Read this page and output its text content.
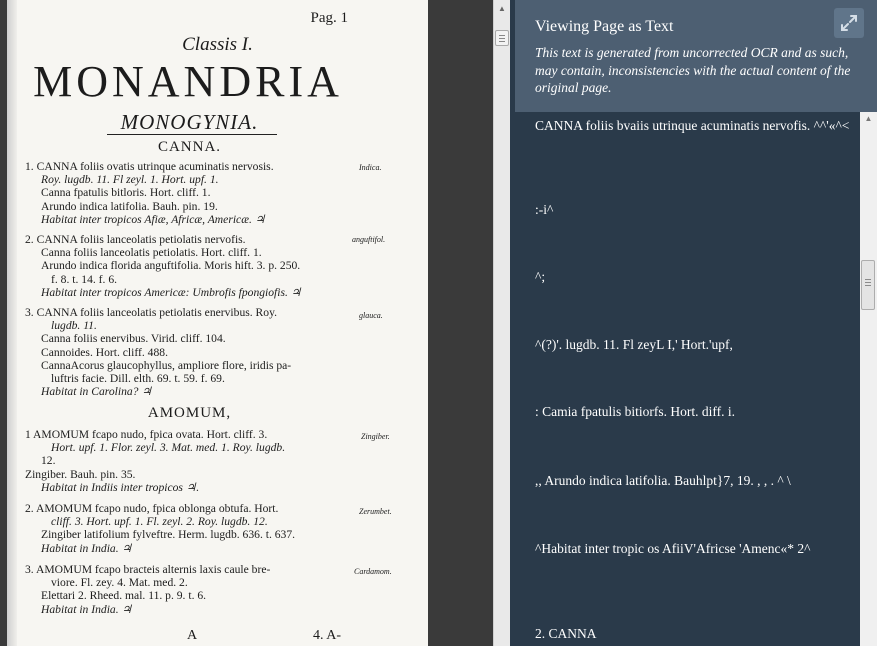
Pag. 1
Classis I.
MONANDRIA
MONOGYNIA.
CANNA.
1. CANNA foliis ovatis utrinque acuminatis nervosis.
Roy. lugdb. 11. Fl zeyl. 1. Hort. upf. 1.
Canna fpatulis bitloris. Hort. cliff. 1.
Arundo indica latifolia. Bauh. pin. 19.
Habitat inter tropicos Afiæ, Africæ, Americæ. ♃
Indica.
2. CANNA foliis lanceolatis petiolatis nervofis.
Canna foliis lanceolatis petiolatis. Hort. cliff. 1.
Arundo indica florida anguftifolia. Moris hift. 3. p. 250.
f. 8. t. 14. f. 6.
Habitat inter tropicos Americæ: Umbrofis fpongiofis. ♃
anguftifol.
3. CANNA foliis lanceolatis petiolatis enervibus. Roy.
lugdb. 11.
Canna foliis enervibus. Virid. cliff. 104.
Cannoides. Hort. cliff. 488.
CannaAcorus glaucophyllus, ampliore flore, iridis pa-
luftris facie. Dill. elth. 69. t. 59. f. 69.
Habitat in Carolina? ♃
glauca.
AMOMUM,
1 AMOMUM fcapo nudo, fpica ovata. Hort. cliff. 3.
Hort. upf. 1. Flor. zeyl. 3. Mat. med. 1. Roy. lugdb.
12.
Zingiber. Bauh. pin. 35.
Habitat in Indiis inter tropicos ♃.
Zingiber.
2. AMOMUM fcapo nudo, fpica oblonga obtufa. Hort.
cliff. 3. Hort. upf. 1. Fl. zeyl. 2. Roy. lugdb. 12.
Zingiber latifolium fylveftre. Herm. lugdb. 636. t. 637.
Habitat in India. ♃
Zerumbet.
3. AMOMUM fcapo bracteis alternis laxis caule bre-
viore. Fl. zey. 4. Mat. med. 2.
Elettari 2. Rheed. mal. 11. p. 9. t. 6.
Habitat in India. ♃
Cardamom.
A	4. A-
▲
Viewing Page as Text
This text is generated from uncorrected OCR and as such, may contain, inconsistencies with the actual content of the original page.
CANNA foliis bvaiis utrinque acuminatis nervofis. ^^'«^<
:-i^
^;
^(?)'. lugdb. 11. Fl zeyL I,' Hort.'upf,
: Camia fpatulis bitiorfs. Hort. diff. i.
,, Arundo indica latifolia. Bauhlpt}7, 19. , , . ^ \
^Habitat inter tropic os AfiiV'Africse 'Amenc«* 2^
2. CANNA
▲
